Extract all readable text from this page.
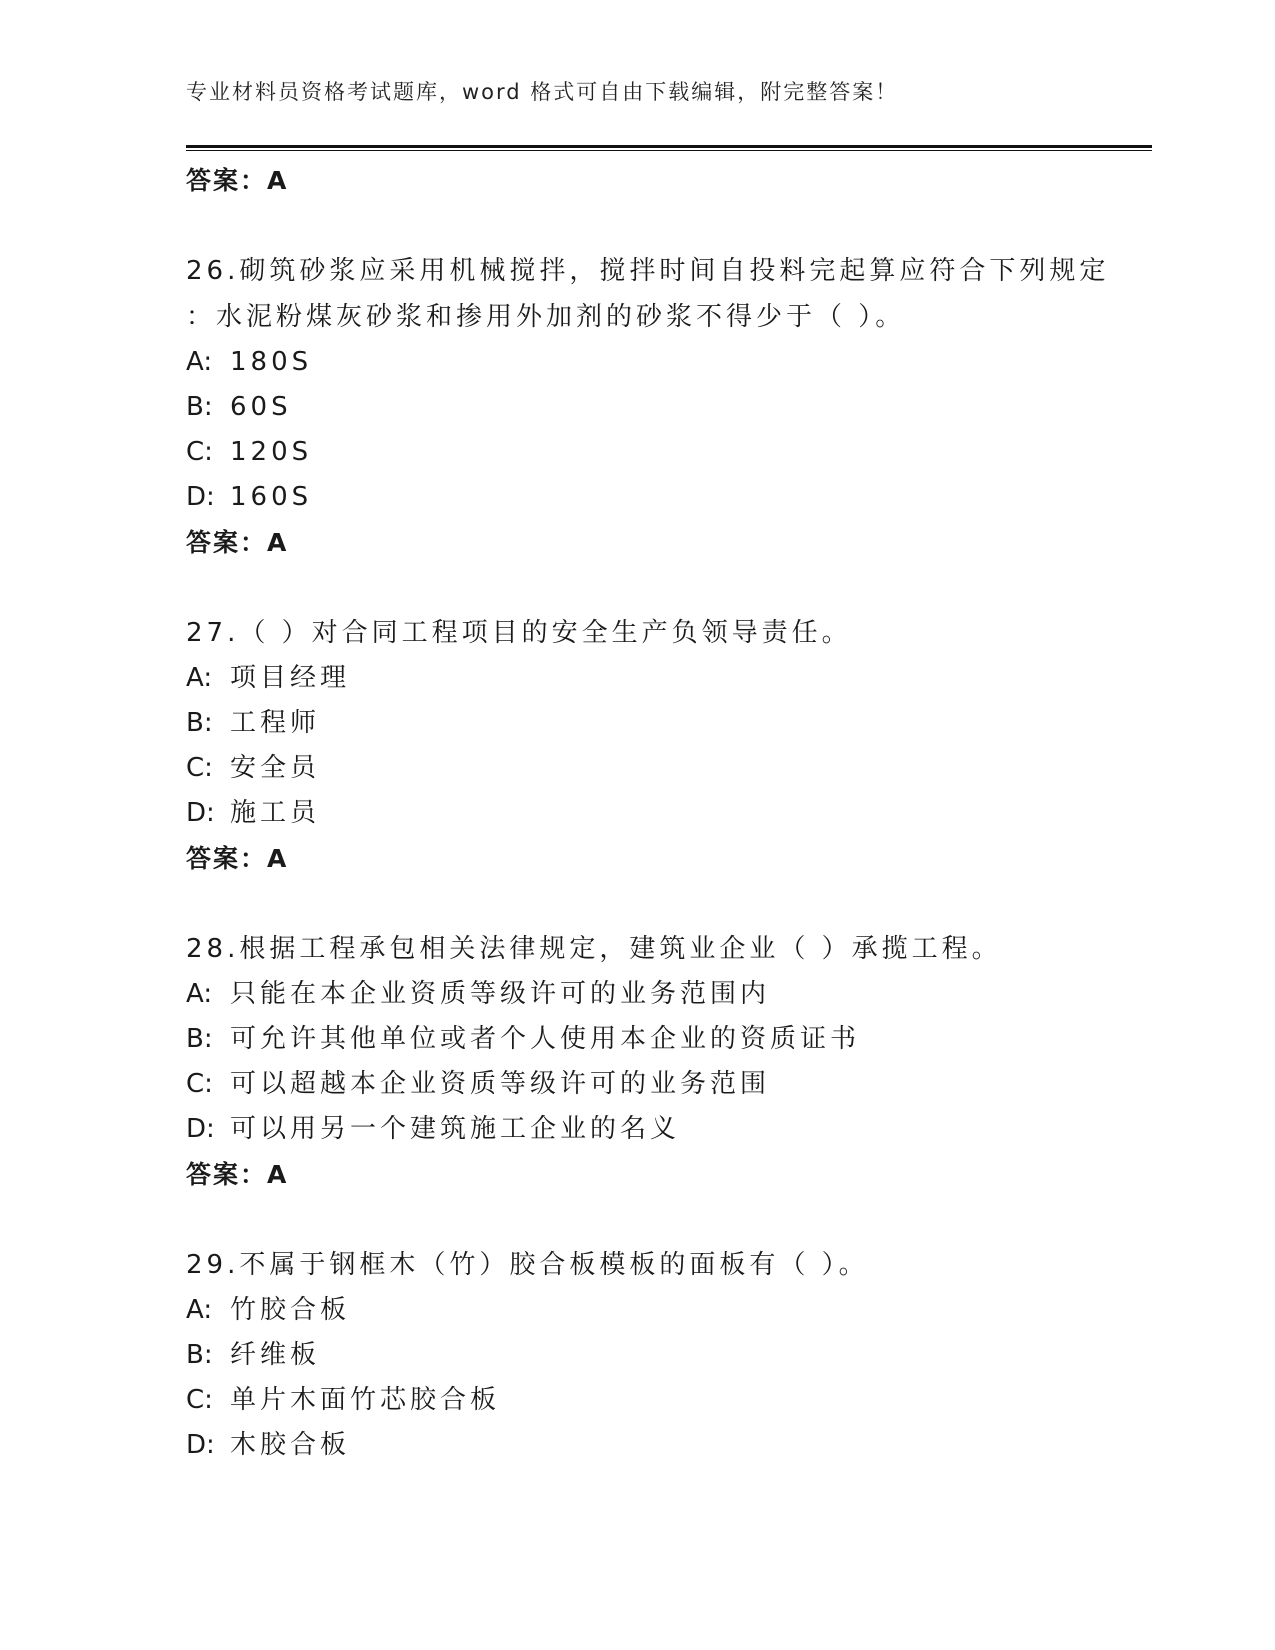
专业材料员资格考试题库，word 格式可自由下载编辑，附完整答案！
答案：A
26.砌筑砂浆应采用机械搅拌，搅拌时间自投料完起算应符合下列规定
：水泥粉煤灰砂浆和掺用外加剂的砂浆不得少于（ ）。
A: 180S
B: 60S
C: 120S
D: 160S
答案：A
27.（ ）对合同工程项目的安全生产负领导责任。
A: 项目经理
B: 工程师
C: 安全员
D: 施工员
答案：A
28.根据工程承包相关法律规定，建筑业企业（ ）承揽工程。
A: 只能在本企业资质等级许可的业务范围内
B: 可允许其他单位或者个人使用本企业的资质证书
C: 可以超越本企业资质等级许可的业务范围
D: 可以用另一个建筑施工企业的名义
答案：A
29.不属于钢框木（竹）胶合板模板的面板有（ ）。
A: 竹胶合板
B: 纤维板
C: 单片木面竹芯胶合板
D: 木胶合板
